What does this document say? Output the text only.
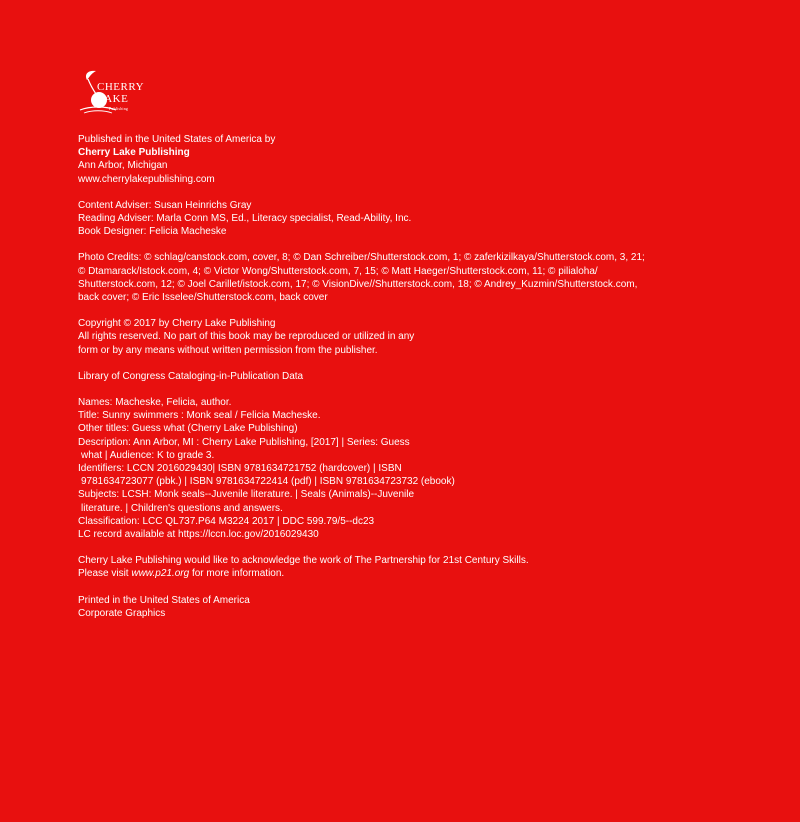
CHERRY
LAKE
Publishing
Published in the United States of America by
Cherry Lake Publishing
Ann Arbor, Michigan
www.cherrylakepublishing.com
Content Adviser: Susan Heinrichs Gray
Reading Adviser: Marla Conn MS, Ed., Literacy specialist, Read-Ability, Inc.
Book Designer: Felicia Macheske
Photo Credits: © schlag/canstock.com, cover, 8; © Dan Schreiber/Shutterstock.com, 1; © zaferkizilkaya/Shutterstock.com, 3, 21;
© Dtamarack/Istock.com, 4; © Victor Wong/Shutterstock.com, 7, 15; © Matt Haeger/Shutterstock.com, 11; © pilialoha/
Shutterstock.com, 12; © Joel Carillet/istock.com, 17; © VisionDive//Shutterstock.com, 18; © Andrey_Kuzmin/Shutterstock.com,
back cover; © Eric Isselee/Shutterstock.com, back cover
Copyright © 2017 by Cherry Lake Publishing
All rights reserved. No part of this book may be reproduced or utilized in any
form or by any means without written permission from the publisher.
Library of Congress Cataloging-in-Publication Data
Names: Macheske, Felicia, author.
Title: Sunny swimmers : Monk seal / Felicia Macheske.
Other titles: Guess what (Cherry Lake Publishing)
Description: Ann Arbor, MI : Cherry Lake Publishing, [2017] | Series: Guess
what | Audience: K to grade 3.
Identifiers: LCCN 2016029430| ISBN 9781634721752 (hardcover) | ISBN
9781634723077 (pbk.) | ISBN 9781634722414 (pdf) | ISBN 9781634723732 (ebook)
Subjects: LCSH: Monk seals--Juvenile literature. | Seals (Animals)--Juvenile
literature. | Children's questions and answers.
Classification: LCC QL737.P64 M3224 2017 | DDC 599.79/5--dc23
LC record available at https://lccn.loc.gov/2016029430
Cherry Lake Publishing would like to acknowledge the work of The Partnership for 21st Century Skills.
Please visit www.p21.org for more information.
Printed in the United States of America
Corporate Graphics
